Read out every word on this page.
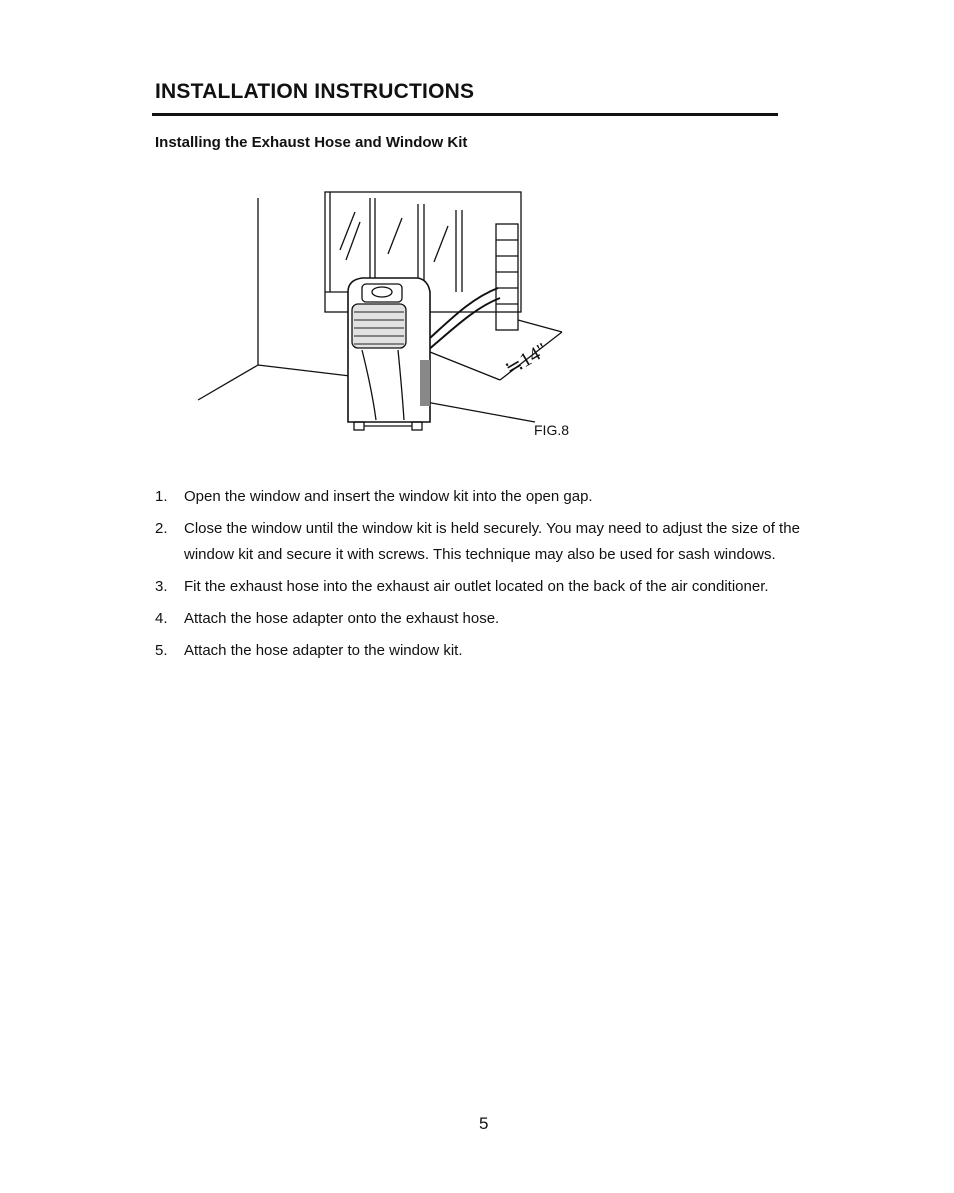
INSTALLATION INSTRUCTIONS
Installing the Exhaust Hose and Window Kit
≒14"
FIG.8
1.	Open the window and insert the window kit into the open gap.
2.	Close the window until the window kit is held securely. You may need to adjust the size of the window kit and secure it with screws. This technique may also be used for sash windows.
3.	Fit the exhaust hose into the exhaust air outlet located on the back of the air conditioner.
4.	Attach the hose adapter onto the exhaust hose.
5.	Attach the hose adapter to the window kit.
5
